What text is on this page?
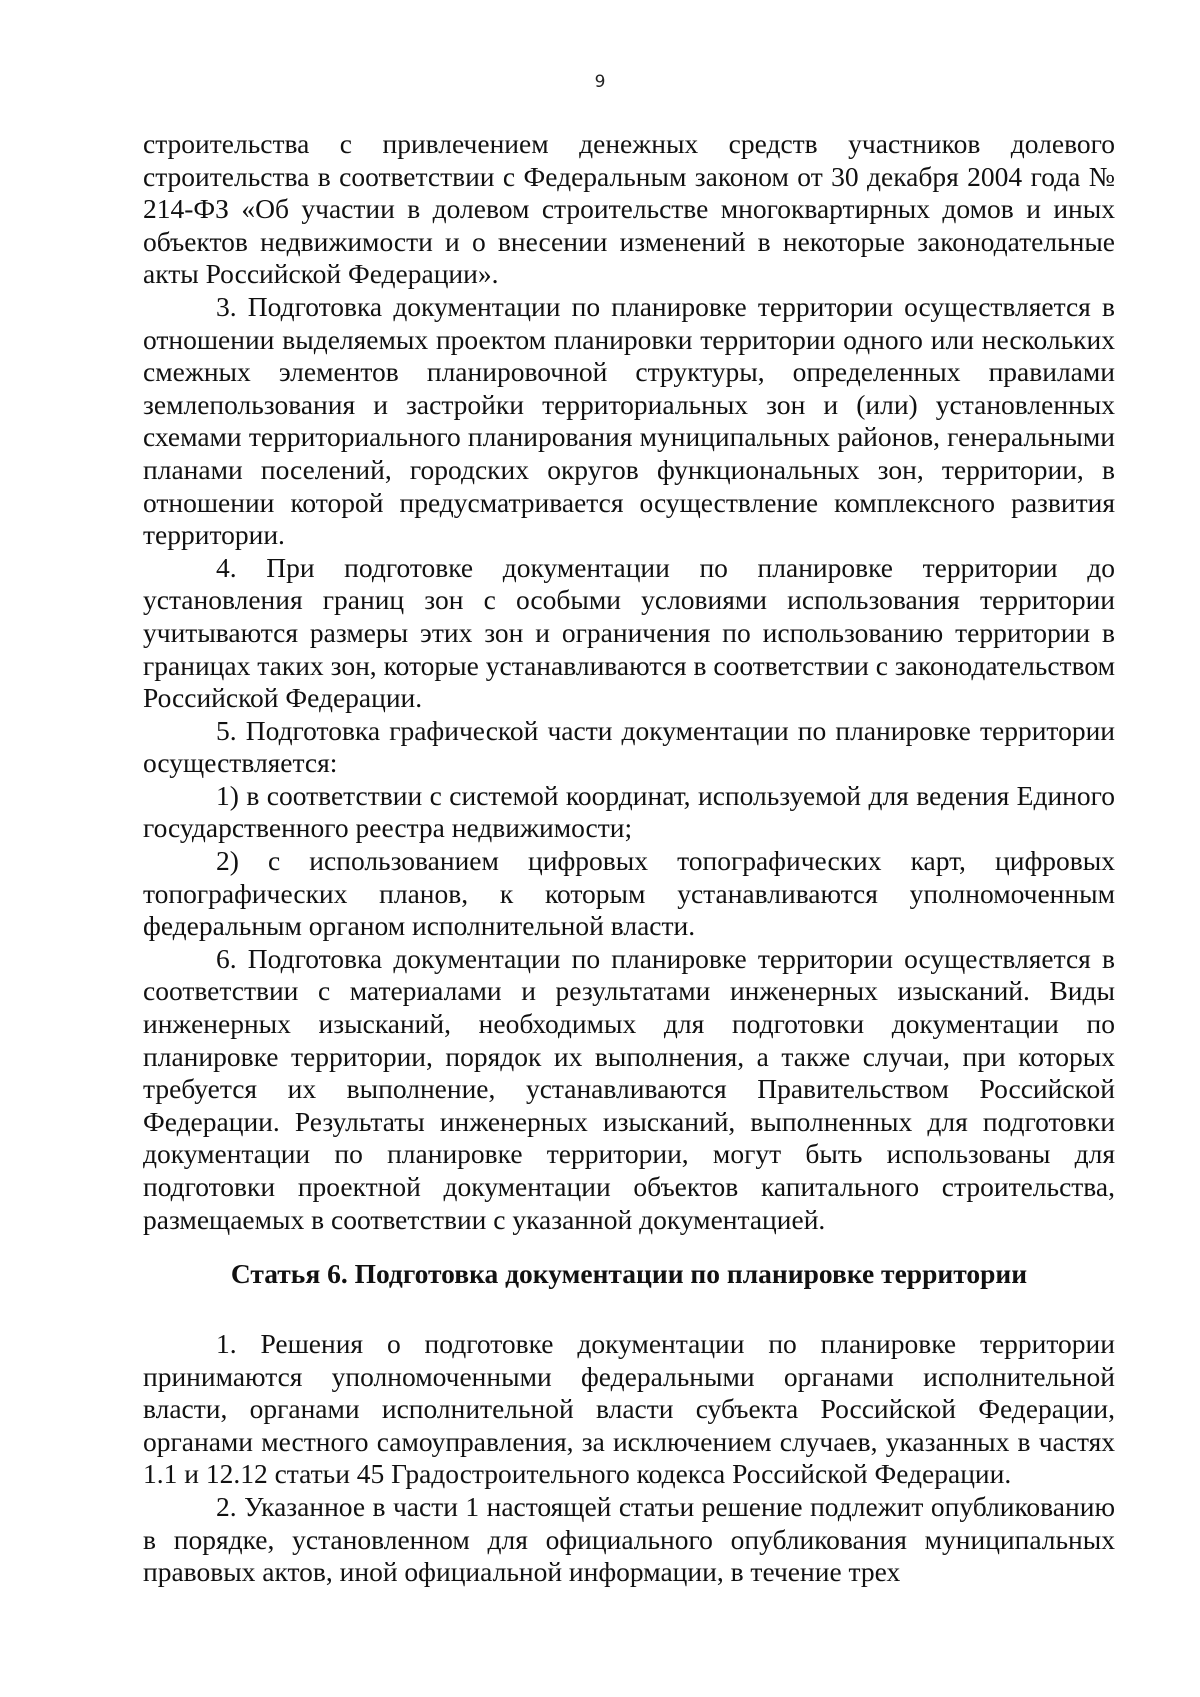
9

строительства с привлечением денежных средств участников долевого строительства в соответствии с Федеральным законом от 30 декабря 2004 года № 214-ФЗ «Об участии в долевом строительстве многоквартирных домов и иных объектов недвижимости и о внесении изменений в некоторые законодательные акты Российской Федерации».

3. Подготовка документации по планировке территории осуществляется в отношении выделяемых проектом планировки территории одного или нескольких смежных элементов планировочной структуры, определенных правилами землепользования и застройки территориальных зон и (или) установленных схемами территориального планирования муниципальных районов, генеральными планами поселений, городских округов функциональных зон, территории, в отношении которой предусматривается осуществление комплексного развития территории.

4. При подготовке документации по планировке территории до установления границ зон с особыми условиями использования территории учитываются размеры этих зон и ограничения по использованию территории в границах таких зон, которые устанавливаются в соответствии с законодательством Российской Федерации.

5. Подготовка графической части документации по планировке территории осуществляется:

1) в соответствии с системой координат, используемой для ведения Единого государственного реестра недвижимости;

2) с использованием цифровых топографических карт, цифровых топографических планов, к которым устанавливаются уполномоченным федеральным органом исполнительной власти.

6. Подготовка документации по планировке территории осуществляется в соответствии с материалами и результатами инженерных изысканий. Виды инженерных изысканий, необходимых для подготовки документации по планировке территории, порядок их выполнения, а также случаи, при которых требуется их выполнение, устанавливаются Правительством Российской Федерации. Результаты инженерных изысканий, выполненных для подготовки документации по планировке территории, могут быть использованы для подготовки проектной документации объектов капитального строительства, размещаемых в соответствии с указанной документацией.

Статья 6. Подготовка документации по планировке территории

1. Решения о подготовке документации по планировке территории принимаются уполномоченными федеральными органами исполнительной власти, органами исполнительной власти субъекта Российской Федерации, органами местного самоуправления, за исключением случаев, указанных в частях 1.1 и 12.12 статьи 45 Градостроительного кодекса Российской Федерации.

2. Указанное в части 1 настоящей статьи решение подлежит опубликованию в порядке, установленном для официального опубликования муниципальных правовых актов, иной официальной информации, в течение трех
